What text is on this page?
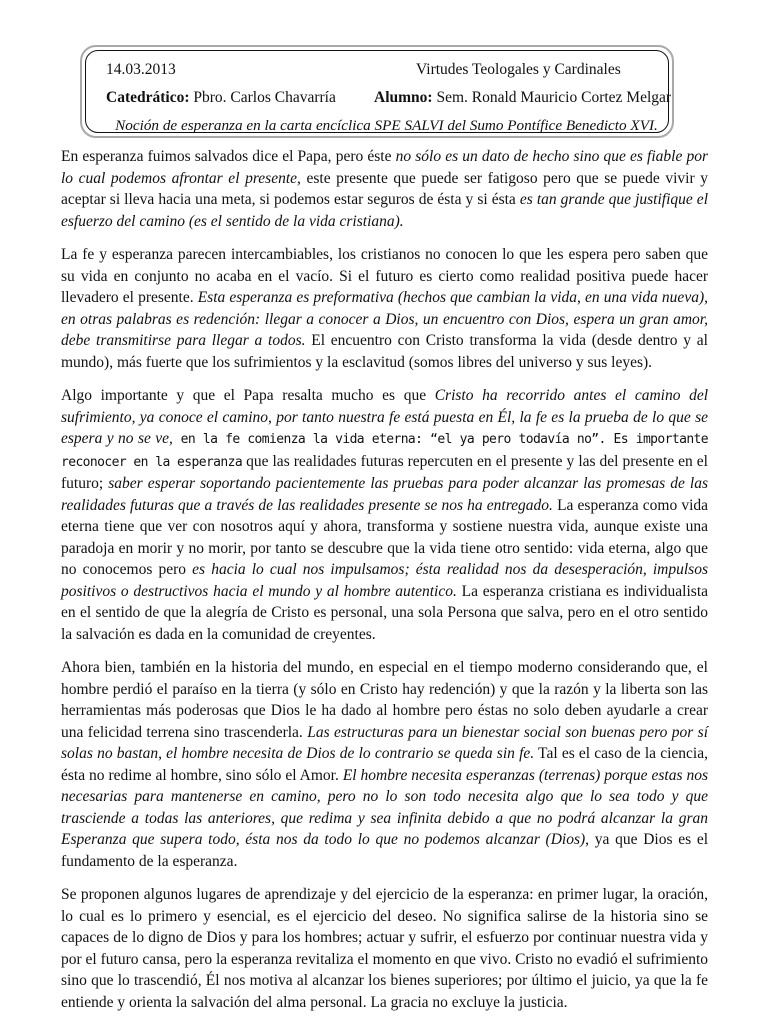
14.03.2013	Virtudes Teologales y Cardinales
Catedrático: Pbro. Carlos Chavarría Alumno: Sem. Ronald Mauricio Cortez Melgar
Noción de esperanza en la carta encíclica SPE SALVI del Sumo Pontífice Benedicto XVI.

En esperanza fuimos salvados dice el Papa, pero éste no sólo es un dato de hecho sino que es fiable por lo cual podemos afrontar el presente, este presente que puede ser fatigoso pero que se puede vivir y aceptar si lleva hacia una meta, si podemos estar seguros de ésta y si ésta es tan grande que justifique el esfuerzo del camino (es el sentido de la vida cristiana).

La fe y esperanza parecen intercambiables, los cristianos no conocen lo que les espera pero saben que su vida en conjunto no acaba en el vacío. Si el futuro es cierto como realidad positiva puede hacer llevadero el presente. Esta esperanza es preformativa (hechos que cambian la vida, en una vida nueva), en otras palabras es redención: llegar a conocer a Dios, un encuentro con Dios, espera un gran amor, debe transmitirse para llegar a todos. El encuentro con Cristo transforma la vida (desde dentro y al mundo), más fuerte que los sufrimientos y la esclavitud (somos libres del universo y sus leyes).

Algo importante y que el Papa resalta mucho es que Cristo ha recorrido antes el camino del sufrimiento, ya conoce el camino, por tanto nuestra fe está puesta en Él, la fe es la prueba de lo que se espera y no se ve, en la fe comienza la vida eterna: “el ya pero todavía no”. Es importante reconocer en la esperanza que las realidades futuras repercuten en el presente y las del presente en el futuro; saber esperar soportando pacientemente las pruebas para poder alcanzar las promesas de las realidades futuras que a través de las realidades presente se nos ha entregado. La esperanza como vida eterna tiene que ver con nosotros aquí y ahora, transforma y sostiene nuestra vida, aunque existe una paradoja en morir y no morir, por tanto se descubre que la vida tiene otro sentido: vida eterna, algo que no conocemos pero es hacia lo cual nos impulsamos; ésta realidad nos da desesperación, impulsos positivos o destructivos hacia el mundo y al hombre autentico. La esperanza cristiana es individualista en el sentido de que la alegría de Cristo es personal, una sola Persona que salva, pero en el otro sentido la salvación es dada en la comunidad de creyentes.

Ahora bien, también en la historia del mundo, en especial en el tiempo moderno considerando que, el hombre perdió el paraíso en la tierra (y sólo en Cristo hay redención) y que la razón y la liberta son las herramientas más poderosas que Dios le ha dado al hombre pero éstas no solo deben ayudarle a crear una felicidad terrena sino trascenderla. Las estructuras para un bienestar social son buenas pero por sí solas no bastan, el hombre necesita de Dios de lo contrario se queda sin fe. Tal es el caso de la ciencia, ésta no redime al hombre, sino sólo el Amor. El hombre necesita esperanzas (terrenas) porque estas nos necesarias para mantenerse en camino, pero no lo son todo necesita algo que lo sea todo y que trasciende a todas las anteriores, que redima y sea infinita debido a que no podrá alcanzar la gran Esperanza que supera todo, ésta nos da todo lo que no podemos alcanzar (Dios), ya que Dios es el fundamento de la esperanza.

Se proponen algunos lugares de aprendizaje y del ejercicio de la esperanza: en primer lugar, la oración, lo cual es lo primero y esencial, es el ejercicio del deseo. No significa salirse de la historia sino se capaces de lo digno de Dios y para los hombres; actuar y sufrir, el esfuerzo por continuar nuestra vida y por el futuro cansa, pero la esperanza revitaliza el momento en que vivo. Cristo no evadió el sufrimiento sino que lo trascendió, Él nos motiva al alcanzar los bienes superiores; por último el juicio, ya que la fe entiende y orienta la salvación del alma personal. La gracia no excluye la justicia.
